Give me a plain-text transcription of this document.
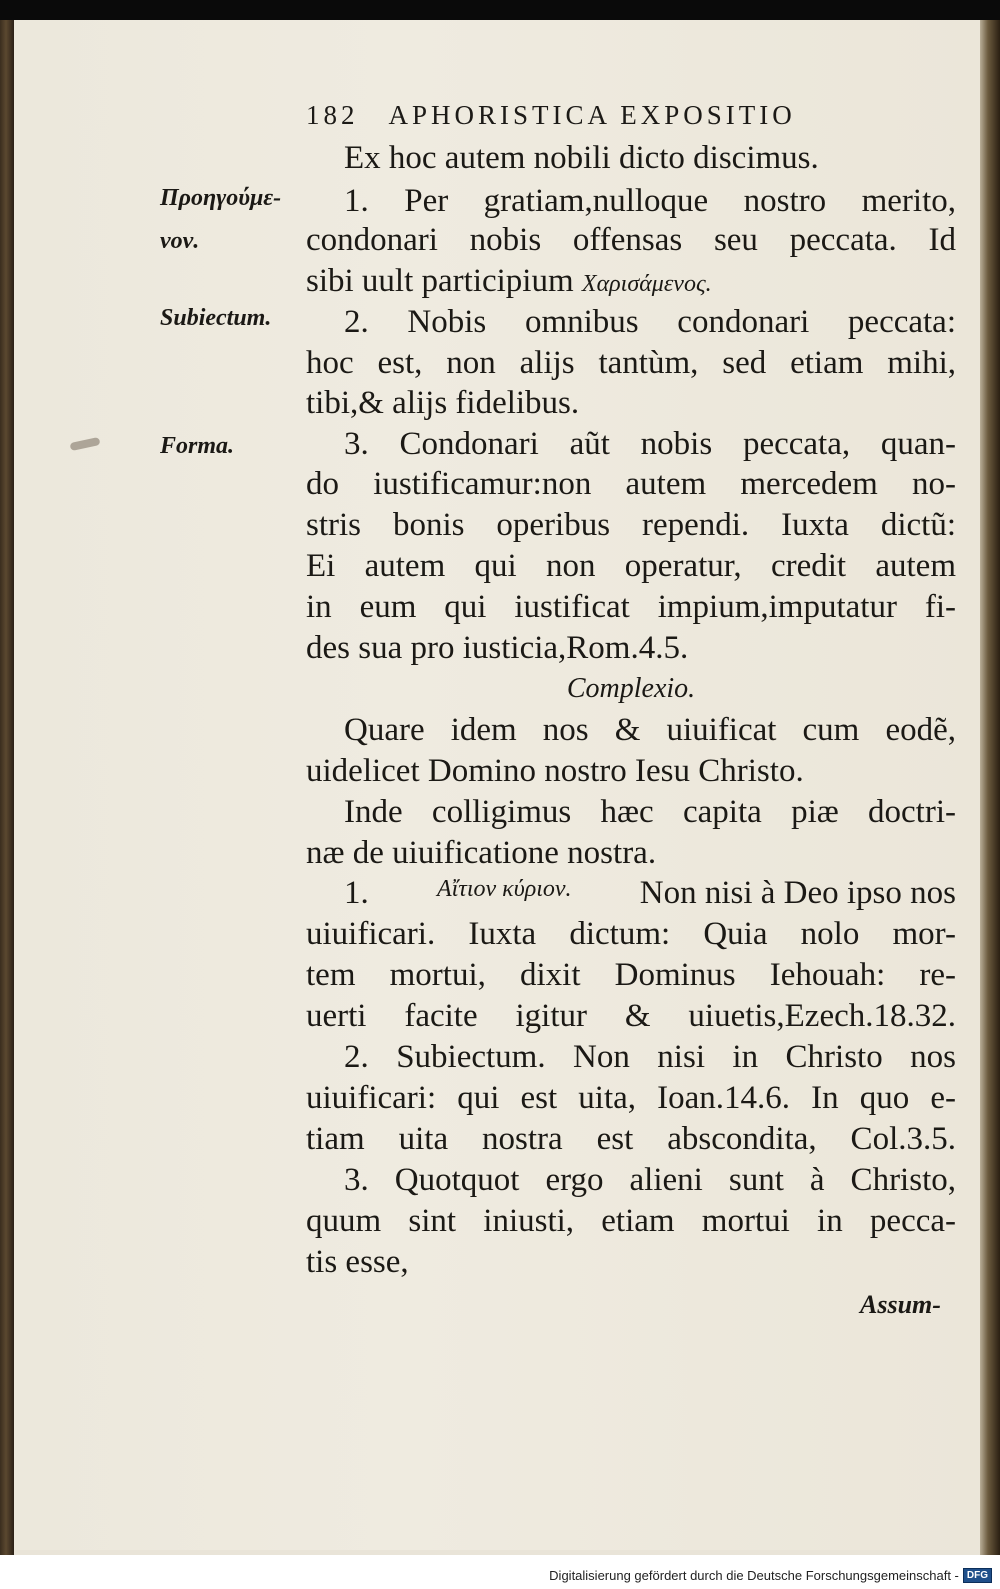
182 APHORISTICA EXPOSITIO
Προηγούμε-
νον.
Subiectum.
Forma.
Ex hoc autem nobili dicto discimus.
1. Per gratiam,nulloque nostro merito,
condonari nobis offensas seu peccata. Id
sibi uult participium Χαρισάμενος.
2. Nobis omnibus condonari peccata:
hoc est, non alijs tantùm, sed etiam mihi,
tibi,& alijs fidelibus.
3. Condonari aũt nobis peccata, quan-
do iustificamur:non autem mercedem no-
stris bonis operibus rependi. Iuxta dictũ:
Ei autem qui non operatur, credit autem
in eum qui iustificat impium,imputatur fi-
des sua pro iusticia,Rom.4.5.
Complexio.
Quare idem nos & uiuificat cum eodẽ,
uidelicet Domino nostro Iesu Christo.
Inde colligimus hæc capita piæ doctri-
næ de uiuificatione nostra.
1.	Αἴτιον κύριον. Non nisi à Deo ipso nos
uiuificari. Iuxta dictum: Quia nolo mor-
tem mortui, dixit Dominus Iehouah: re-
uerti facite igitur & uiuetis,Ezech.18.32.
2. Subiectum. Non nisi in Christo nos
uiuificari: qui est uita, Ioan.14.6. In quo e-
tiam uita nostra est abscondita, Col.3.5.
3. Quotquot ergo alieni sunt à Christo,
quum sint iniusti, etiam mortui in pecca-
tis esse,
Assum-
Digitalisierung gefördert durch die Deutsche Forschungsgemeinschaft - DFG
